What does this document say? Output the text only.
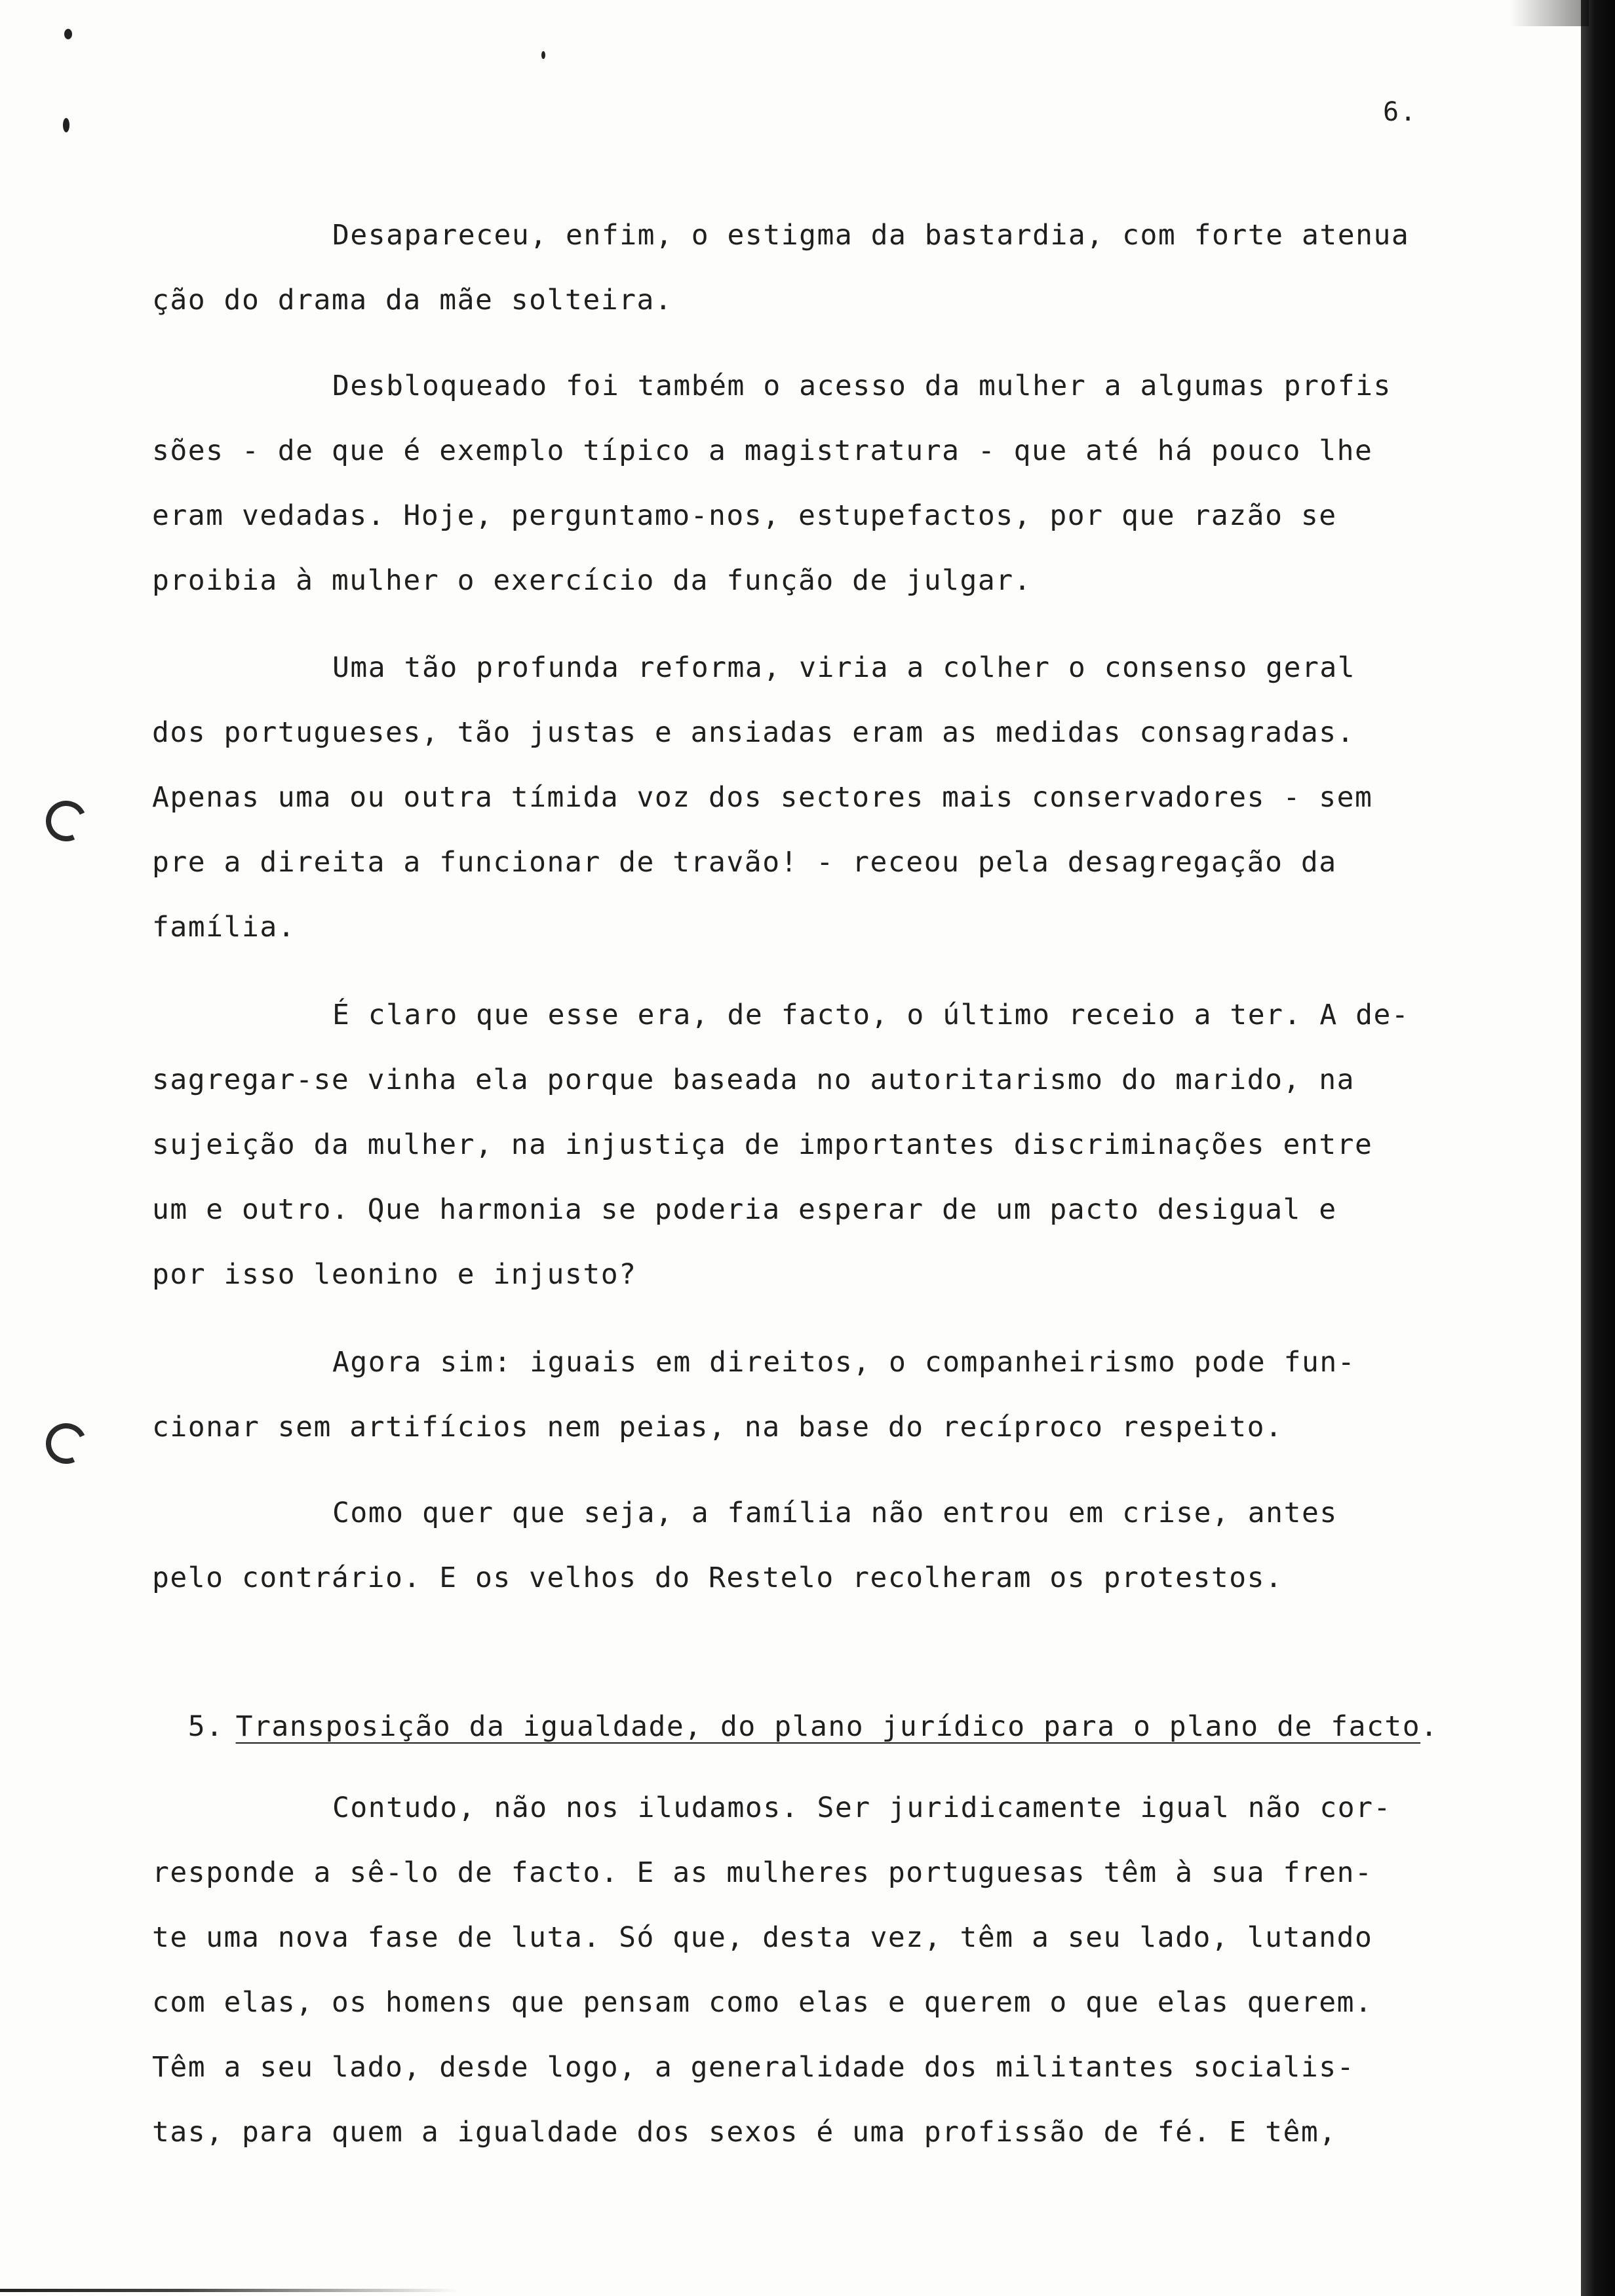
6.
Desapareceu, enfim, o estigma da bastardia, com forte atenua
ção do drama da mãe solteira.
Desbloqueado foi também o acesso da mulher a algumas profis
sões - de que é exemplo típico a magistratura - que até há pouco lhe
eram vedadas. Hoje, perguntamo-nos, estupefactos, por que razão se
proibia à mulher o exercício da função de julgar.
Uma tão profunda reforma, viria a colher o consenso geral
dos portugueses, tão justas e ansiadas eram as medidas consagradas.
Apenas uma ou outra tímida voz dos sectores mais conservadores - sem
pre a direita a funcionar de travão! - receou pela desagregação da
família.
É claro que esse era, de facto, o último receio a ter. A de-
sagregar-se vinha ela porque baseada no autoritarismo do marido, na
sujeição da mulher, na injustiça de importantes discriminações entre
um e outro. Que harmonia se poderia esperar de um pacto desigual e
por isso leonino e injusto?
Agora sim: iguais em direitos, o companheirismo pode fun-
cionar sem artifícios nem peias, na base do recíproco respeito.
Como quer que seja, a família não entrou em crise, antes
pelo contrário. E os velhos do Restelo recolheram os protestos.

5. Transposição da igualdade, do plano jurídico para o plano de facto.

Contudo, não nos iludamos. Ser juridicamente igual não cor-
responde a sê-lo de facto. E as mulheres portuguesas têm à sua fren-
te uma nova fase de luta. Só que, desta vez, têm a seu lado, lutando
com elas, os homens que pensam como elas e querem o que elas querem.
Têm a seu lado, desde logo, a generalidade dos militantes socialis-
tas, para quem a igualdade dos sexos é uma profissão de fé. E têm,
